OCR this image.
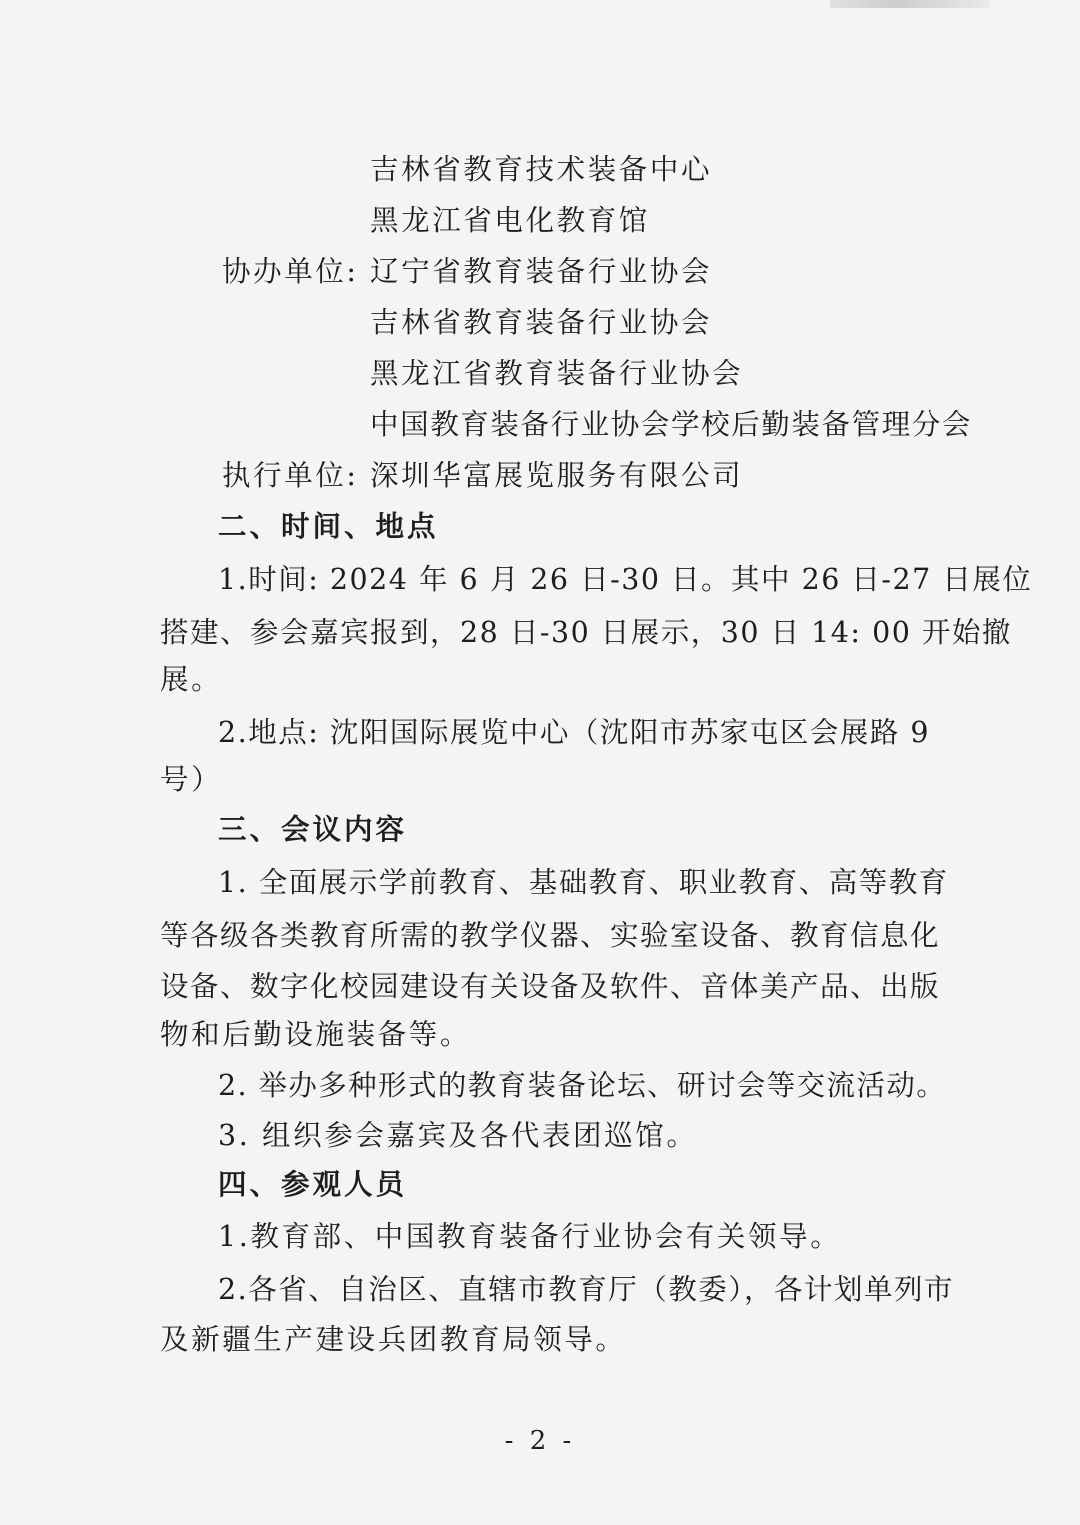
吉林省教育技术装备中心
黑龙江省电化教育馆
协办单位: 辽宁省教育装备行业协会
吉林省教育装备行业协会
黑龙江省教育装备行业协会
中国教育装备行业协会学校后勤装备管理分会
执行单位: 深圳华富展览服务有限公司
二、时间、地点
1.时间: 2024 年 6 月 26 日-30 日。其中 26 日-27 日展位
搭建、参会嘉宾报到，28 日-30 日展示，30 日 14: 00 开始撤
展。
2.地点: 沈阳国际展览中心（沈阳市苏家屯区会展路 9
号）
三、会议内容
1. 全面展示学前教育、基础教育、职业教育、高等教育
等各级各类教育所需的教学仪器、实验室设备、教育信息化
设备、数字化校园建设有关设备及软件、音体美产品、出版
物和后勤设施装备等。
2. 举办多种形式的教育装备论坛、研讨会等交流活动。
3. 组织参会嘉宾及各代表团巡馆。
四、参观人员
1.教育部、中国教育装备行业协会有关领导。
2.各省、自治区、直辖市教育厅（教委），各计划单列市
及新疆生产建设兵团教育局领导。
- 2 -
